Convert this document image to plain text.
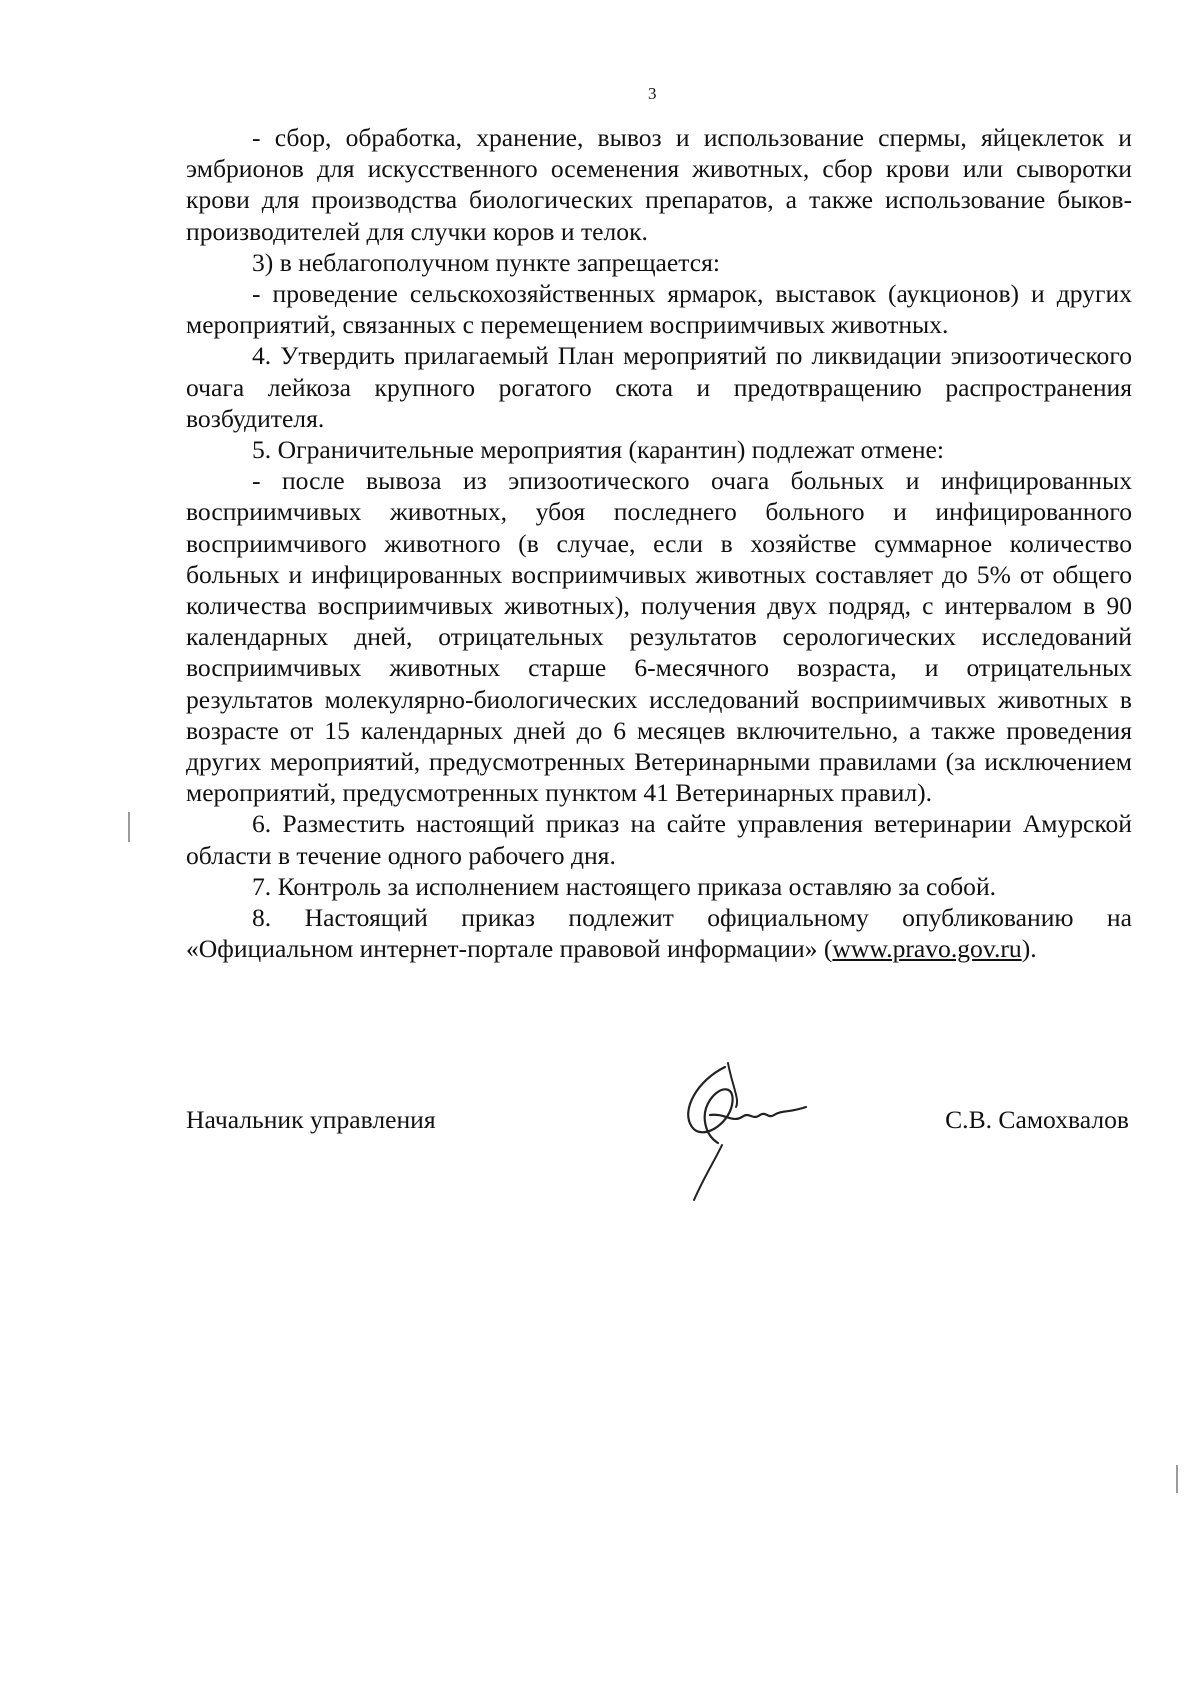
3

- сбор, обработка, хранение, вывоз и использование спермы, яйцеклеток и эмбрионов для искусственного осеменения животных, сбор крови или сыворотки крови для производства биологических препаратов, а также использование быков-производителей для случки коров и телок.

3) в неблагополучном пункте запрещается:

- проведение сельскохозяйственных ярмарок, выставок (аукционов) и других мероприятий, связанных с перемещением восприимчивых животных.

4. Утвердить прилагаемый План мероприятий по ликвидации эпизоотического очага лейкоза крупного рогатого скота и предотвращению распространения возбудителя.

5. Ограничительные мероприятия (карантин) подлежат отмене:

- после вывоза из эпизоотического очага больных и инфицированных восприимчивых животных, убоя последнего больного и инфицированного восприимчивого животного (в случае, если в хозяйстве суммарное количество больных и инфицированных восприимчивых животных составляет до 5% от общего количества восприимчивых животных), получения двух подряд, с интервалом в 90 календарных дней, отрицательных результатов серологических исследований восприимчивых животных старше 6-месячного возраста, и отрицательных результатов молекулярно-биологических исследований восприимчивых животных в возрасте от 15 календарных дней до 6 месяцев включительно, а также проведения других мероприятий, предусмотренных Ветеринарными правилами (за исключением мероприятий, предусмотренных пунктом 41 Ветеринарных правил).

6. Разместить настоящий приказ на сайте управления ветеринарии Амурской области в течение одного рабочего дня.

7. Контроль за исполнением настоящего приказа оставляю за собой.

8. Настоящий приказ подлежит официальному опубликованию на «Официальном интернет-портале правовой информации» (www.pravo.gov.ru).

Начальник управления	С.В. Самохвалов
